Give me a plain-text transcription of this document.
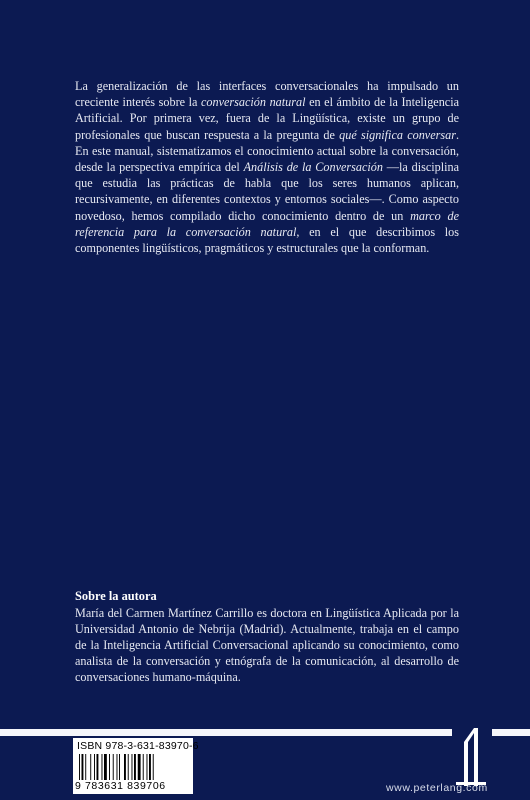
La generalización de las interfaces conversacionales ha impulsado un creciente interés sobre la conversación natural en el ámbito de la Inteligencia Artificial. Por primera vez, fuera de la Lingüística, existe un grupo de profesionales que buscan respuesta a la pregunta de qué significa conversar. En este manual, sistematizamos el conocimiento actual sobre la conversación, desde la perspectiva empírica del Análisis de la Conversación —la disciplina que estudia las prácticas de habla que los seres humanos aplican, recursivamente, en diferentes contextos y entornos sociales—. Como aspecto novedoso, hemos compilado dicho conocimiento dentro de un marco de referencia para la conversación natural, en el que describimos los componentes lingüísticos, pragmáticos y estructurales que la conforman.

Sobre la autora

María del Carmen Martínez Carrillo es doctora en Lingüística Aplicada por la Universidad Antonio de Nebrija (Madrid). Actualmente, trabaja en el campo de la Inteligencia Artificial Conversacional aplicando su conocimiento, como analista de la conversación y etnógrafa de la comunicación, al desarrollo de conversaciones humano-máquina.

ISBN 978-3-631-83970-6
9 783631 839706	www.peterlang.com
